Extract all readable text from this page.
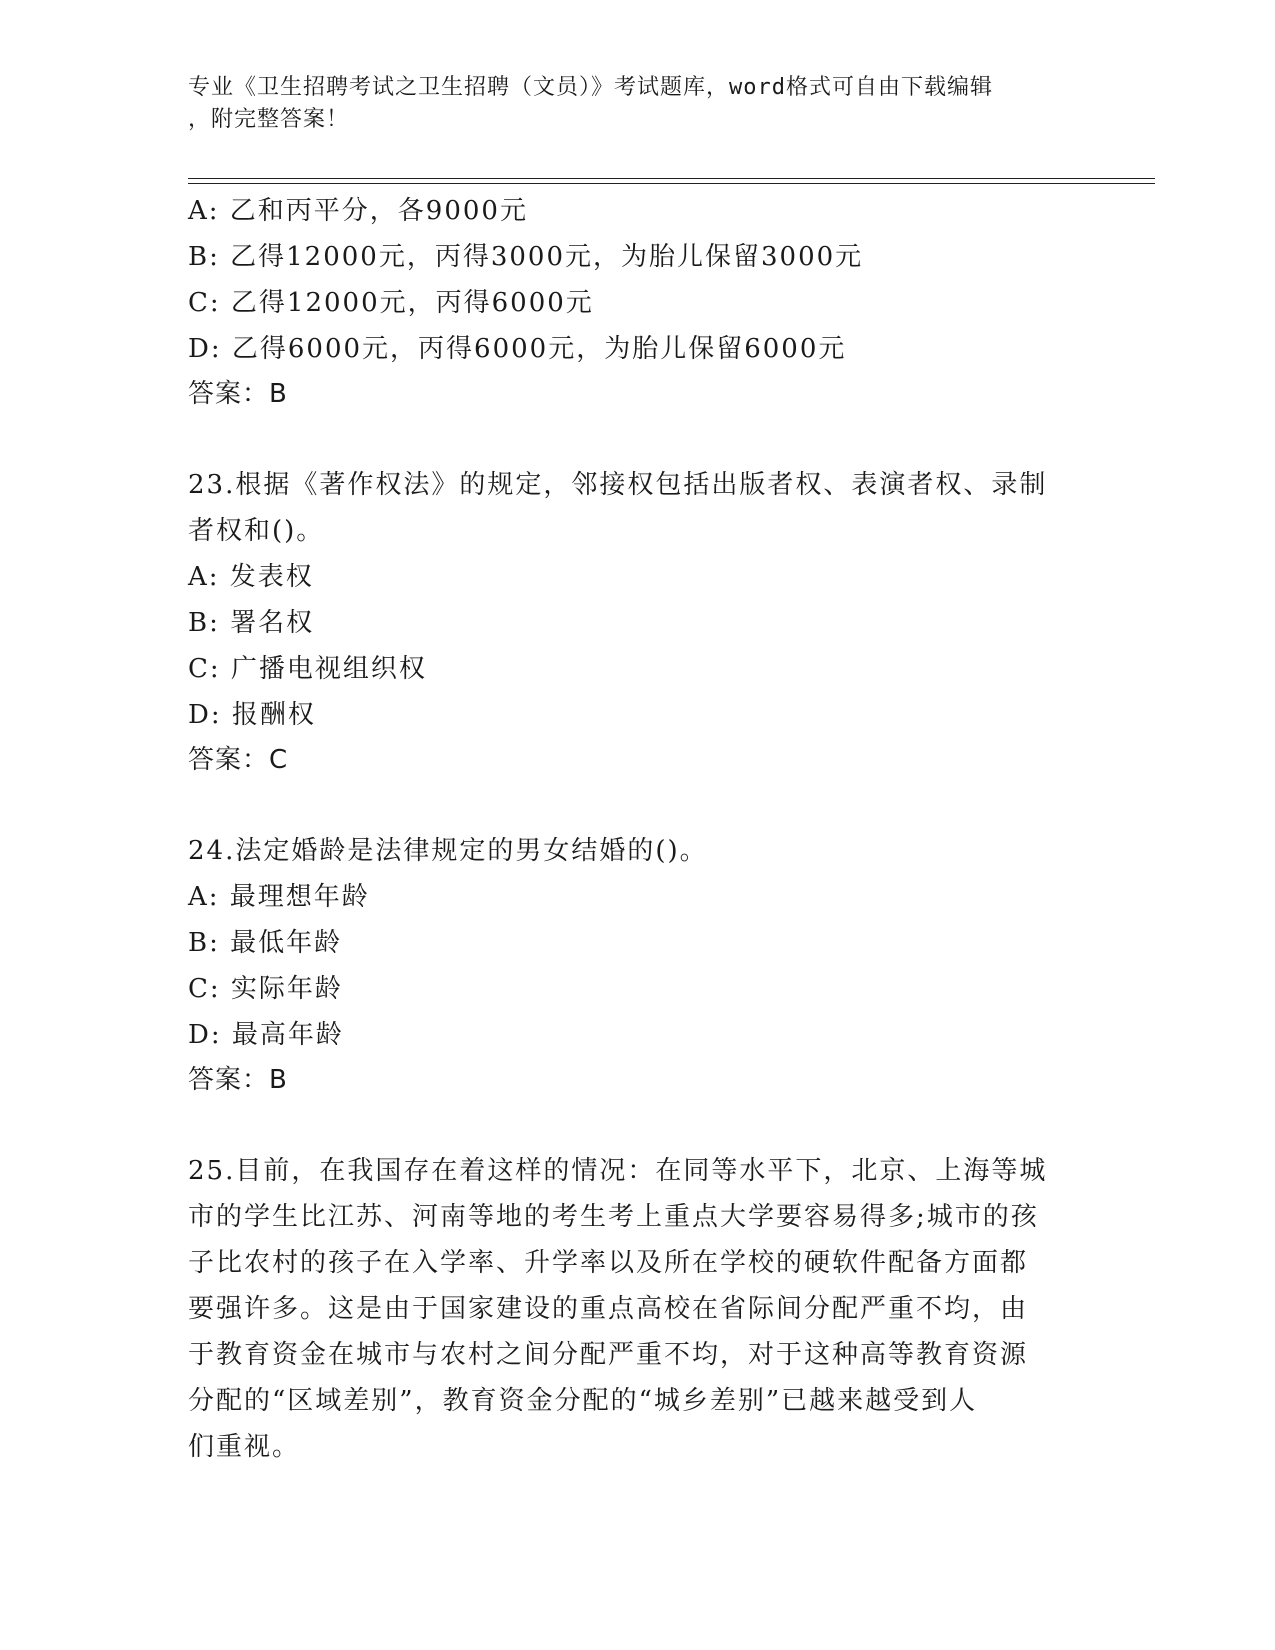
专业《卫生招聘考试之卫生招聘（文员）》考试题库，word格式可自由下载编辑
，附完整答案！
A: 乙和丙平分，各9000元
B: 乙得12000元，丙得3000元，为胎儿保留3000元
C: 乙得12000元，丙得6000元
D: 乙得6000元，丙得6000元，为胎儿保留6000元
答案：B
23.根据《著作权法》的规定，邻接权包括出版者权、表演者权、录制
者权和()。
A: 发表权
B: 署名权
C: 广播电视组织权
D: 报酬权
答案：C
24.法定婚龄是法律规定的男女结婚的()。
A: 最理想年龄
B: 最低年龄
C: 实际年龄
D: 最高年龄
答案：B
25.目前，在我国存在着这样的情况：在同等水平下，北京、上海等城
市的学生比江苏、河南等地的考生考上重点大学要容易得多;城市的孩
子比农村的孩子在入学率、升学率以及所在学校的硬软件配备方面都
要强许多。这是由于国家建设的重点高校在省际间分配严重不均，由
于教育资金在城市与农村之间分配严重不均，对于这种高等教育资源
分配的“区域差别”，教育资金分配的“城乡差别”已越来越受到人
们重视。
